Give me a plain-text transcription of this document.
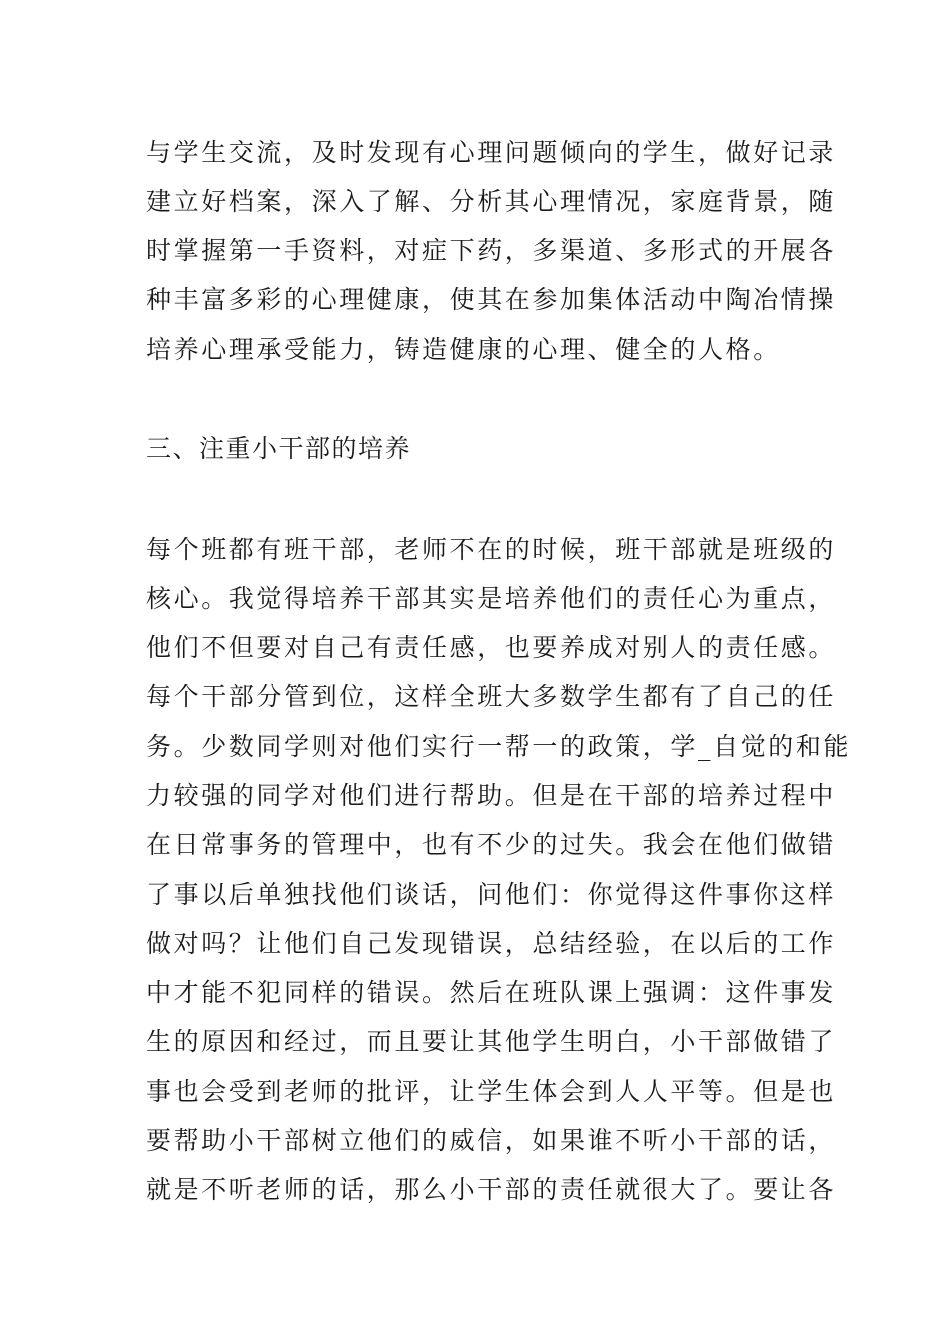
与学生交流，及时发现有心理问题倾向的学生，做好记录
建立好档案，深入了解、分析其心理情况，家庭背景，随
时掌握第一手资料，对症下药，多渠道、多形式的开展各
种丰富多彩的心理健康，使其在参加集体活动中陶冶情操
培养心理承受能力，铸造健康的心理、健全的人格。
三、注重小干部的培养
每个班都有班干部，老师不在的时候，班干部就是班级的
核心。我觉得培养干部其实是培养他们的责任心为重点，
他们不但要对自己有责任感，也要养成对别人的责任感。
每个干部分管到位，这样全班大多数学生都有了自己的任
务。少数同学则对他们实行一帮一的政策，学_自觉的和能
力较强的同学对他们进行帮助。但是在干部的培养过程中
在日常事务的管理中，也有不少的过失。我会在他们做错
了事以后单独找他们谈话，问他们：你觉得这件事你这样
做对吗？让他们自己发现错误，总结经验，在以后的工作
中才能不犯同样的错误。然后在班队课上强调：这件事发
生的原因和经过，而且要让其他学生明白，小干部做错了
事也会受到老师的批评，让学生体会到人人平等。但是也
要帮助小干部树立他们的威信，如果谁不听小干部的话，
就是不听老师的话，那么小干部的责任就很大了。要让各
